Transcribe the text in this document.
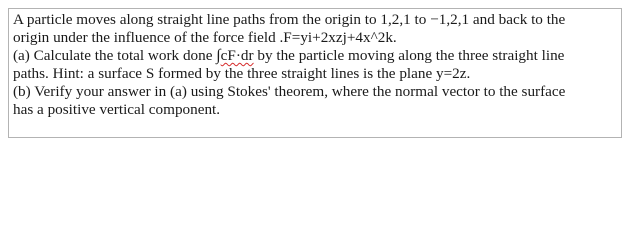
A particle moves along straight line paths from the origin to 1,2,1 to −1,2,1 and back to the
origin under the influence of the force field .F=yi+2xzj+4x^2k.
(a) Calculate the total work done ∫cF·dr by the particle moving along the three straight line
paths. Hint: a surface S formed by the three straight lines is the plane y=2z.
(b) Verify your answer in (a) using Stokes' theorem, where the normal vector to the surface
has a positive vertical component.
